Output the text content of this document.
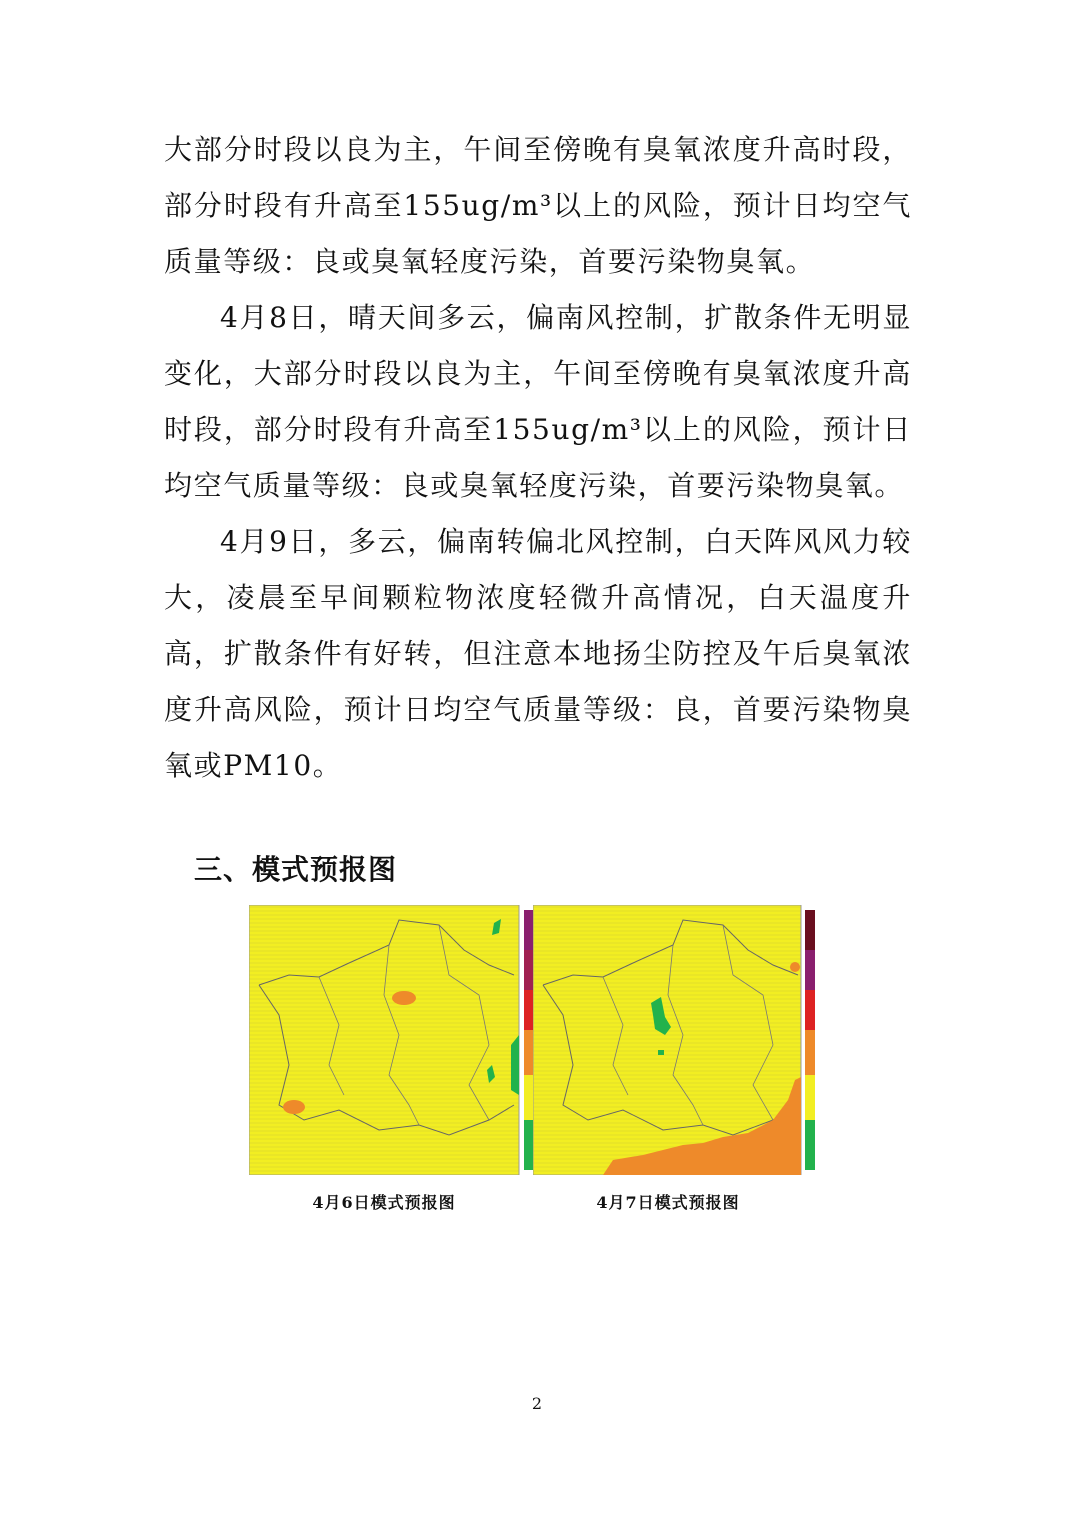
大部分时段以良为主，午间至傍晚有臭氧浓度升高时段，部分时段有升高至155ug/m³以上的风险，预计日均空气质量等级：良或臭氧轻度污染，首要污染物臭氧。

4月8日，晴天间多云，偏南风控制，扩散条件无明显变化，大部分时段以良为主，午间至傍晚有臭氧浓度升高时段，部分时段有升高至155ug/m³以上的风险，预计日均空气质量等级：良或臭氧轻度污染，首要污染物臭氧。

4月9日，多云，偏南转偏北风控制，白天阵风风力较大，凌晨至早间颗粒物浓度轻微升高情况，白天温度升高，扩散条件有好转，但注意本地扬尘防控及午后臭氧浓度升高风险，预计日均空气质量等级：良，首要污染物臭氧或PM10。

三、模式预报图
4月6日模式预报图	4月7日模式预报图
2
